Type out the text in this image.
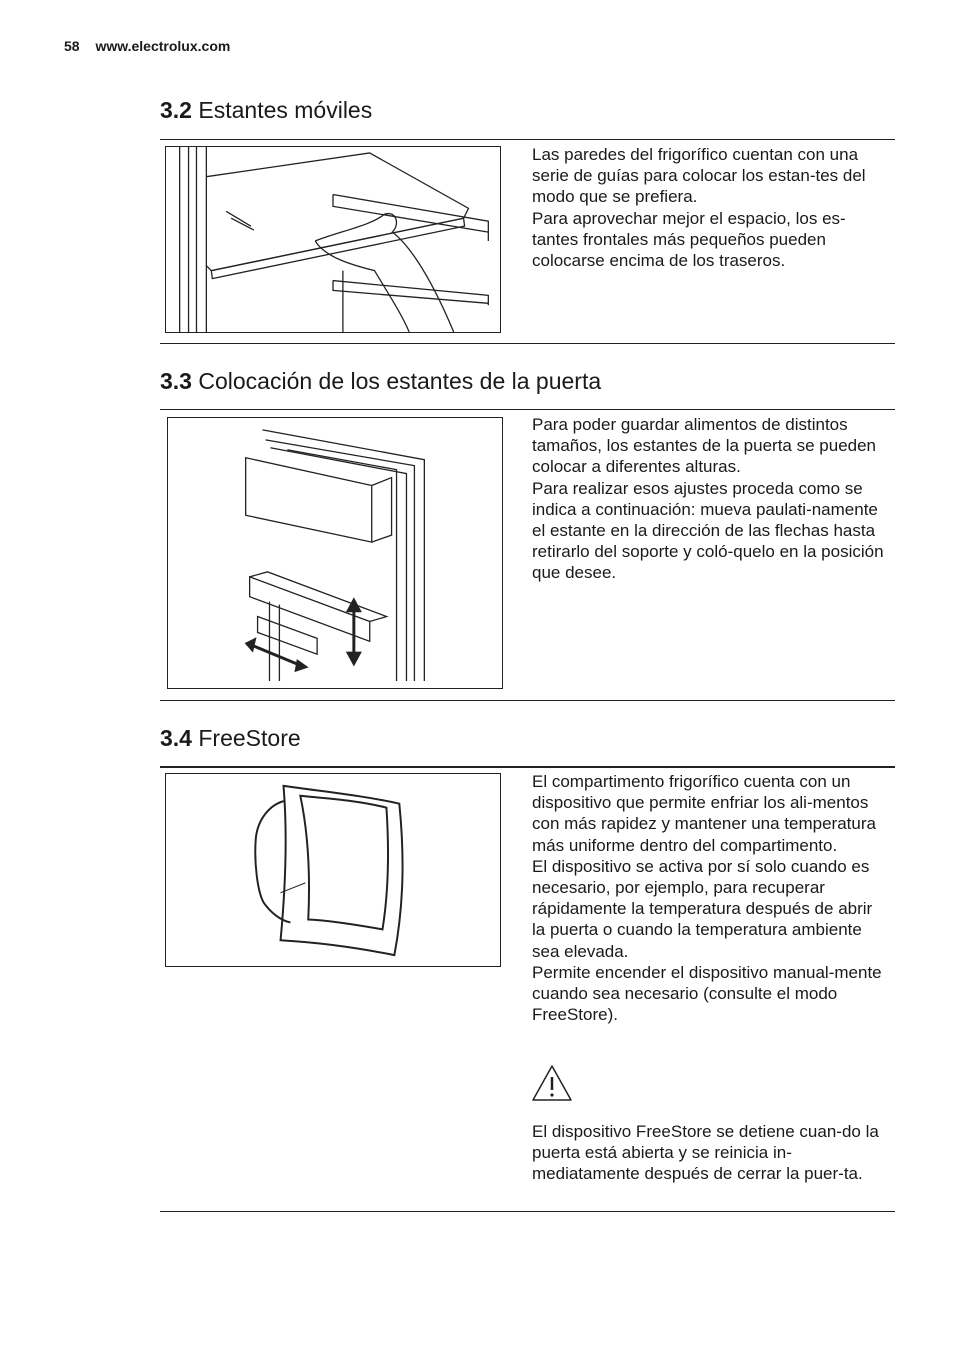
58 www.electrolux.com
3.2 Estantes móviles

Las paredes del frigorífico cuentan con una serie de guías para colocar los estan-tes del modo que se prefiera.

Para aprovechar mejor el espacio, los es-tantes frontales más pequeños pueden colocarse encima de los traseros.

3.3 Colocación de los estantes de la puerta

Para poder guardar alimentos de distintos tamaños, los estantes de la puerta se pueden colocar a diferentes alturas.

Para realizar esos ajustes proceda como se indica a continuación: mueva paulati-namente el estante en la dirección de las flechas hasta retirarlo del soporte y coló-quelo en la posición que desee.

3.4 FreeStore

El compartimento frigorífico cuenta con un dispositivo que permite enfriar los ali-mentos con más rapidez y mantener una temperatura más uniforme dentro del compartimento.

El dispositivo se activa por sí solo cuando es necesario, por ejemplo, para recuperar rápidamente la temperatura después de abrir la puerta o cuando la temperatura ambiente sea elevada.

Permite encender el dispositivo manual-mente cuando sea necesario (consulte el modo FreeStore).

El dispositivo FreeStore se detiene cuan-do la puerta está abierta y se reinicia in-mediatamente después de cerrar la puer-ta.
